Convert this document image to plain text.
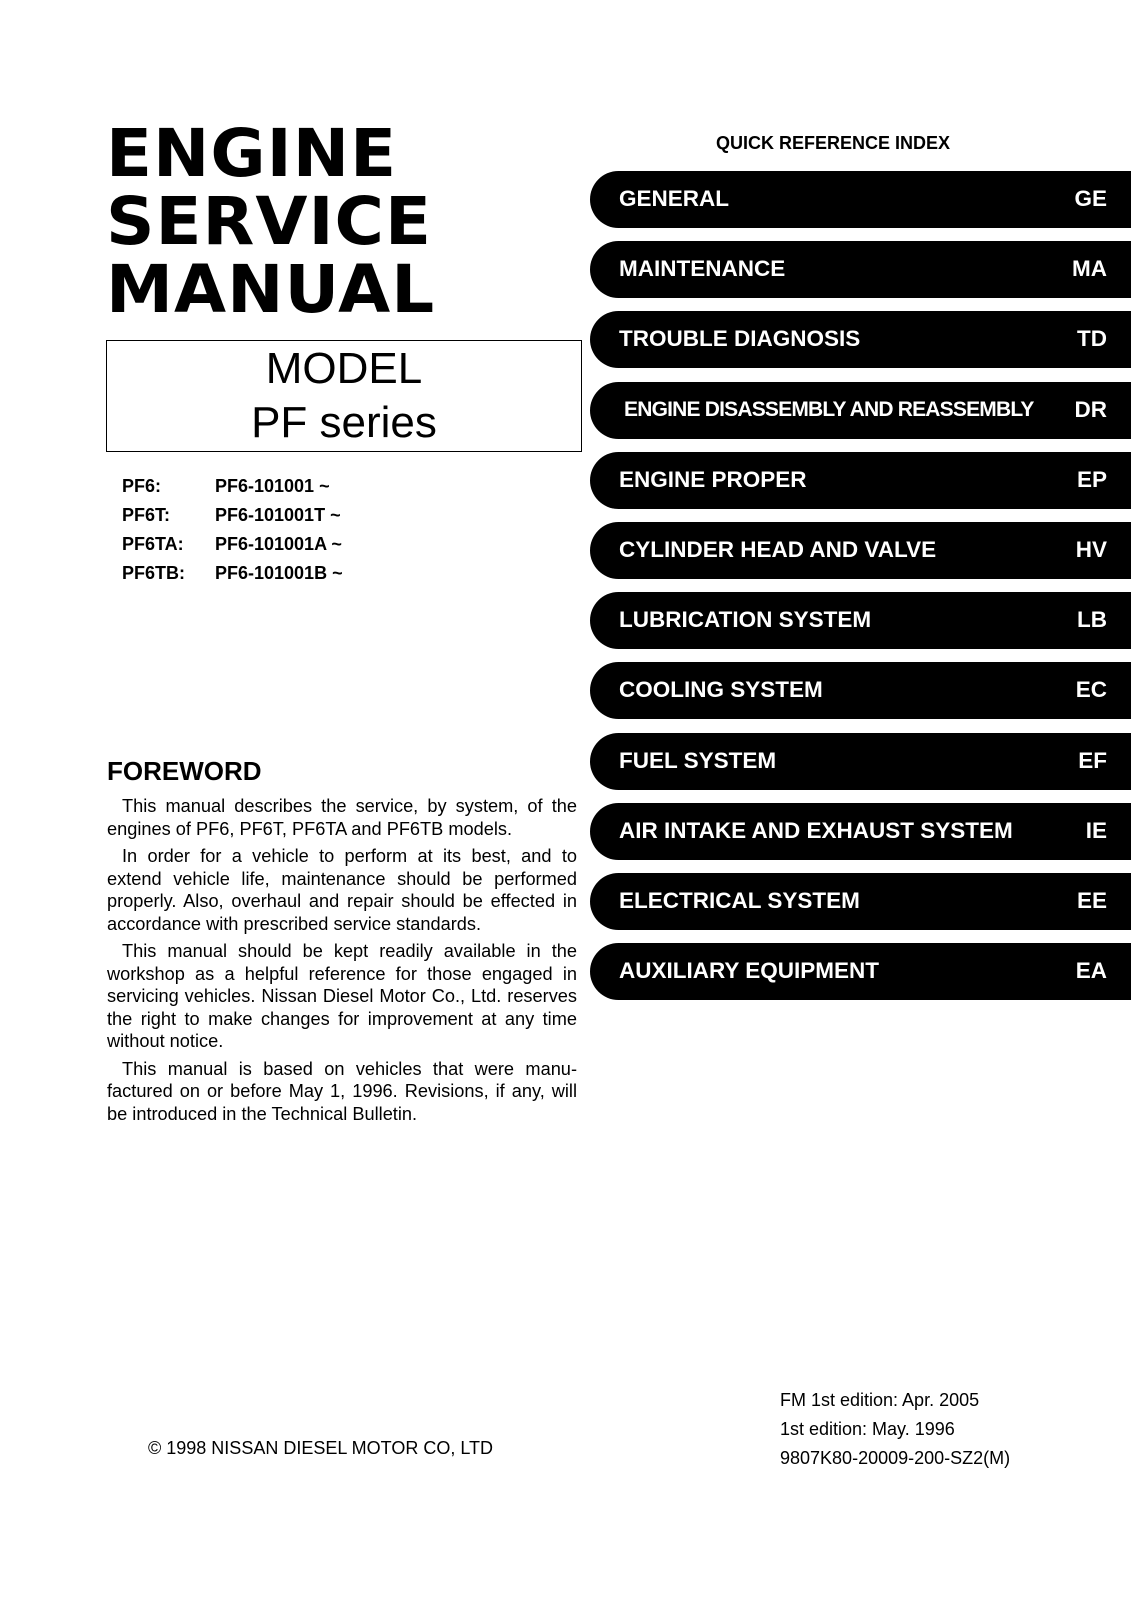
ENGINE
SERVICE
MANUAL
MODEL
PF series
PF6:	PF6-101001 ~
PF6T: PF6-101001T ~
PF6TA: PF6-101001A ~
PF6TB: PF6-101001B ~
FOREWORD

This manual describes the service, by system, of the engines of PF6, PF6T, PF6TA and PF6TB models.

In order for a vehicle to perform at its best, and to extend vehicle life, maintenance should be performed properly. Also, overhaul and repair should be effected in accordance with prescribed service standards.

This manual should be kept readily available in the workshop as a helpful reference for those engaged in servicing vehicles. Nissan Diesel Motor Co., Ltd. reserves the right to make changes for improvement at any time without notice.

This manual is based on vehicles that were manufactured on or before May 1, 1996. Revisions, if any, will be introduced in the Technical Bulletin.

© 1998 NISSAN DIESEL MOTOR CO, LTD
FM 1st edition: Apr. 2005
1st edition: May. 1996
9807K80-20009-200-SZ2(M)
QUICK REFERENCE INDEX
GENERAL	GE
MAINTENANCE	MA
TROUBLE DIAGNOSIS	TD
ENGINE DISASSEMBLY AND REASSEMBLY DR
ENGINE PROPER	EP
CYLINDER HEAD AND VALVE	HV
LUBRICATION SYSTEM	LB
COOLING SYSTEM	EC
FUEL SYSTEM	EF
AIR INTAKE AND EXHAUST SYSTEM	IE
ELECTRICAL SYSTEM	EE
AUXILIARY EQUIPMENT	EA
